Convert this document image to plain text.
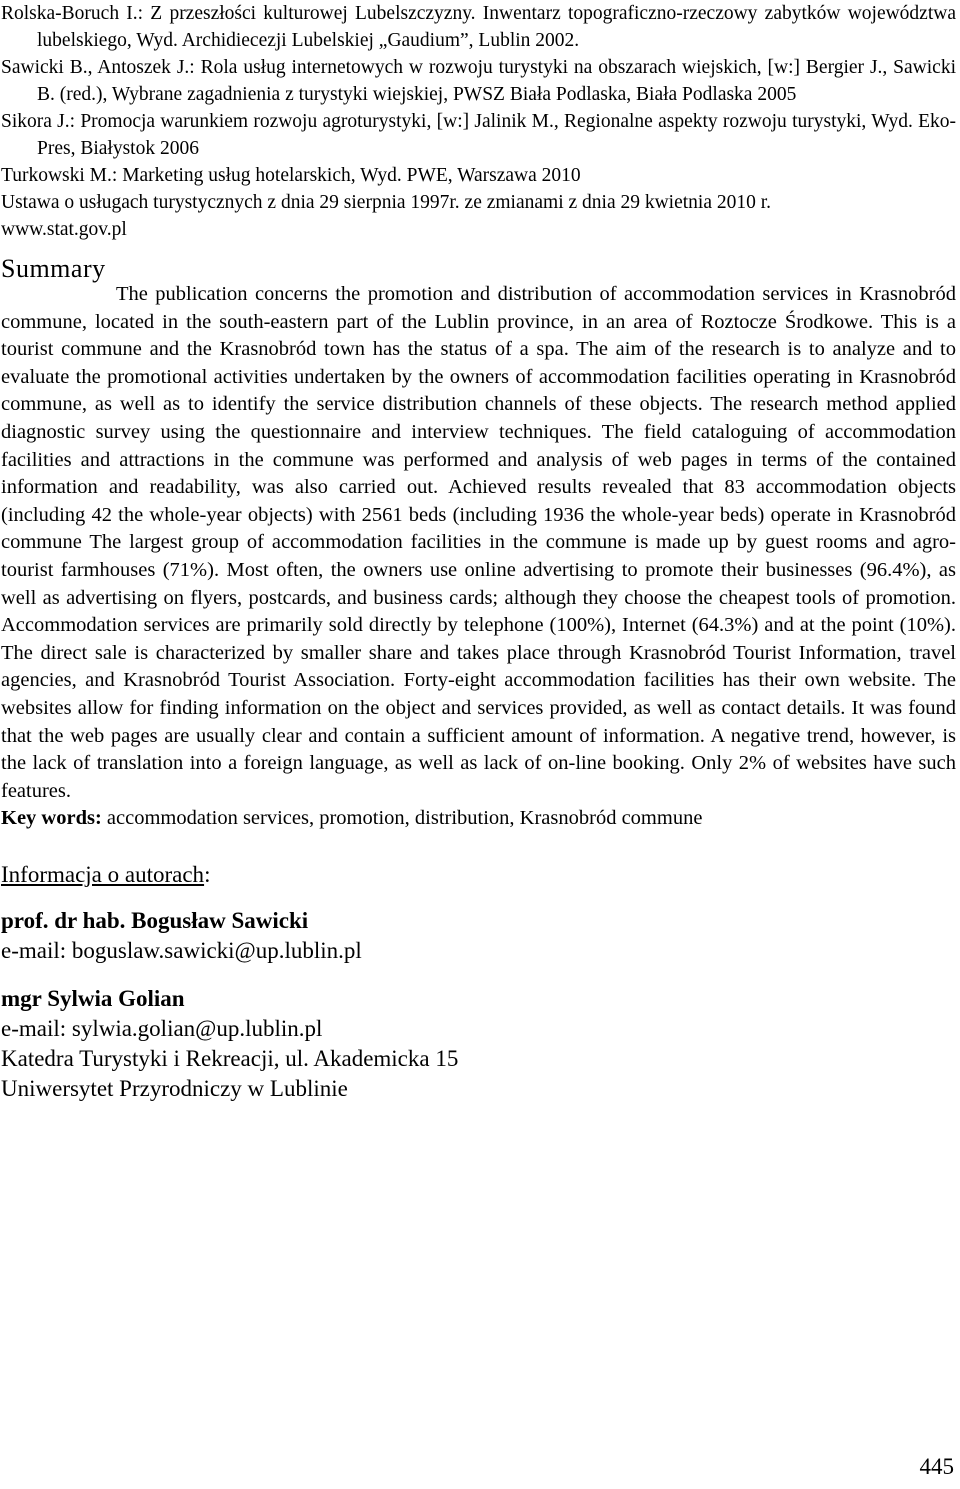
Rolska-Boruch I.: Z przeszłości kulturowej Lubelszczyzny. Inwentarz topograficzno-rzeczowy zabytków województwa lubelskiego, Wyd. Archidiecezji Lubelskiej „Gaudium”, Lublin 2002.
Sawicki B., Antoszek J.: Rola usług internetowych w rozwoju turystyki na obszarach wiejskich, [w:] Bergier J., Sawicki B. (red.), Wybrane zagadnienia z turystyki wiejskiej, PWSZ Biała Podlaska, Biała Podlaska 2005
Sikora J.: Promocja warunkiem rozwoju agroturystyki, [w:] Jalinik M., Regionalne aspekty rozwoju turystyki, Wyd. Eko-Pres, Białystok 2006
Turkowski M.: Marketing usług hotelarskich, Wyd. PWE, Warszawa 2010
Ustawa o usługach turystycznych z dnia 29 sierpnia 1997r. ze zmianami z dnia 29 kwietnia 2010 r.
www.stat.gov.pl
Summary

The publication concerns the promotion and distribution of accommodation services in Krasnobród commune, located in the south-eastern part of the Lublin province, in an area of Roztocze Środkowe. This is a tourist commune and the Krasnobród town has the status of a spa. The aim of the research is to analyze and to evaluate the promotional activities undertaken by the owners of accommodation facilities operating in Krasnobród commune, as well as to identify the service distribution channels of these objects. The research method applied diagnostic survey using the questionnaire and interview techniques. The field cataloguing of accommodation facilities and attractions in the commune was performed and analysis of web pages in terms of the contained information and readability, was also carried out. Achieved results revealed that 83 accommodation objects (including 42 the whole-year objects) with 2561 beds (including 1936 the whole-year beds) operate in Krasnobród commune The largest group of accommodation facilities in the commune is made up by guest rooms and agro-tourist farmhouses (71%). Most often, the owners use online advertising to promote their businesses (96.4%), as well as advertising on flyers, postcards, and business cards; although they choose the cheapest tools of promotion. Accommodation services are primarily sold directly by telephone (100%), Internet (64.3%) and at the point (10%). The direct sale is characterized by smaller share and takes place through Krasnobród Tourist Information, travel agencies, and Krasnobród Tourist Association. Forty-eight accommodation facilities has their own website. The websites allow for finding information on the object and services provided, as well as contact details. It was found that the web pages are usually clear and contain a sufficient amount of information. A negative trend, however, is the lack of translation into a foreign language, as well as lack of on-line booking. Only 2% of websites have such features.

Key words: accommodation services, promotion, distribution, Krasnobród commune

Informacja o autorach:
prof. dr hab. Bogusław Sawicki
e-mail: boguslaw.sawicki@up.lublin.pl
mgr Sylwia Golian
e-mail: sylwia.golian@up.lublin.pl
Katedra Turystyki i Rekreacji, ul. Akademicka 15
Uniwersytet Przyrodniczy w Lublinie
445
